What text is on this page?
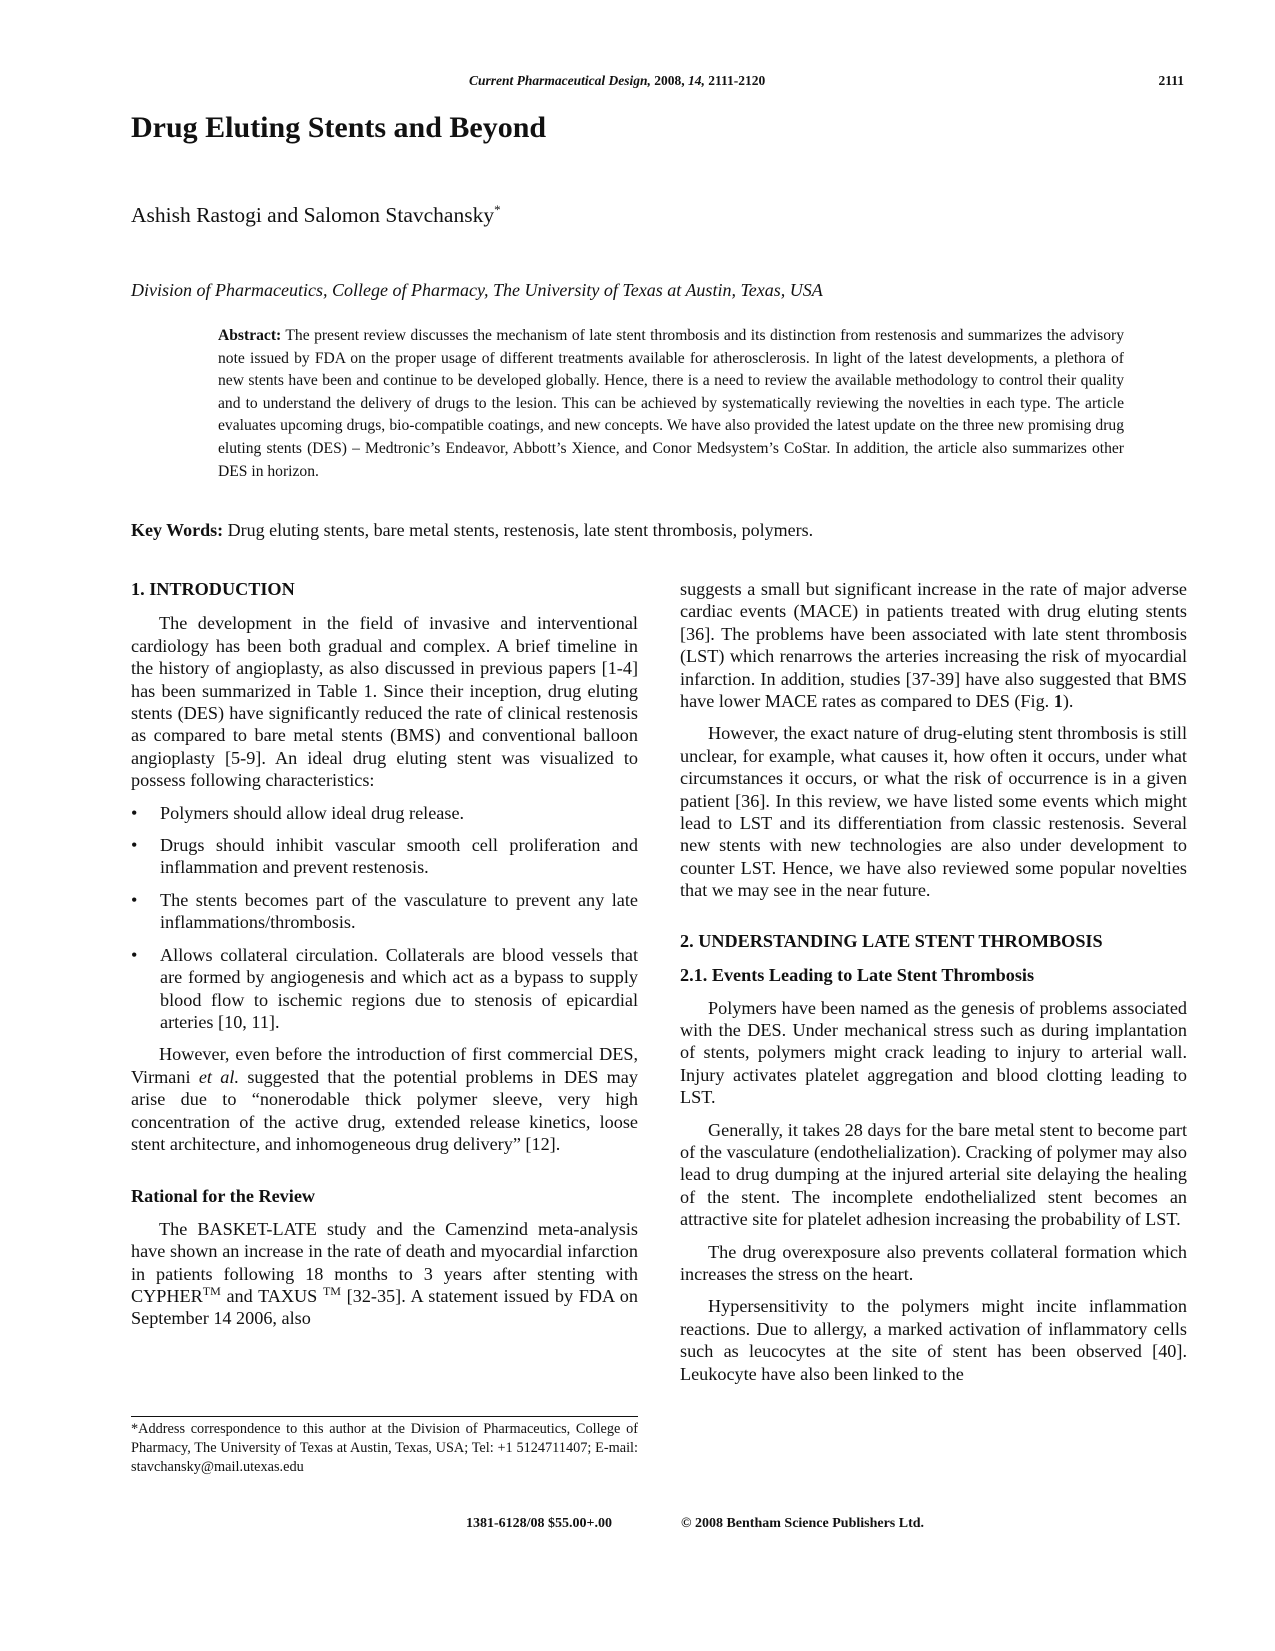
Current Pharmaceutical Design, 2008, 14, 2111-2120	2111
Drug Eluting Stents and Beyond
Ashish Rastogi and Salomon Stavchansky*
Division of Pharmaceutics, College of Pharmacy, The University of Texas at Austin, Texas, USA
Abstract: The present review discusses the mechanism of late stent thrombosis and its distinction from restenosis and summarizes the advisory note issued by FDA on the proper usage of different treatments available for atherosclerosis. In light of the latest developments, a plethora of new stents have been and continue to be developed globally. Hence, there is a need to review the available methodology to control their quality and to understand the delivery of drugs to the lesion. This can be achieved by systematically reviewing the novelties in each type. The article evaluates upcoming drugs, bio-compatible coatings, and new concepts. We have also provided the latest update on the three new promising drug eluting stents (DES) – Medtronic’s Endeavor, Abbott’s Xience, and Conor Medsystem’s CoStar. In addition, the article also summarizes other DES in horizon.
Key Words: Drug eluting stents, bare metal stents, restenosis, late stent thrombosis, polymers.
1. INTRODUCTION

The development in the field of invasive and interventional cardiology has been both gradual and complex. A brief timeline in the history of angioplasty, as also discussed in previous papers [1-4] has been summarized in Table 1. Since their inception, drug eluting stents (DES) have significantly reduced the rate of clinical restenosis as compared to bare metal stents (BMS) and conventional balloon angioplasty [5-9]. An ideal drug eluting stent was visualized to possess following characteristics:

• Polymers should allow ideal drug release.
• Drugs should inhibit vascular smooth cell proliferation and inflammation and prevent restenosis.
• The stents becomes part of the vasculature to prevent any late inflammations/thrombosis.
• Allows collateral circulation. Collaterals are blood vessels that are formed by angiogenesis and which act as a bypass to supply blood flow to ischemic regions due to stenosis of epicardial arteries [10, 11].

However, even before the introduction of first commercial DES, Virmani et al. suggested that the potential problems in DES may arise due to “nonerodable thick polymer sleeve, very high concentration of the active drug, extended release kinetics, loose stent architecture, and inhomogeneous drug delivery” [12].

Rational for the Review

The BASKET-LATE study and the Camenzind meta-analysis have shown an increase in the rate of death and myocardial infarction in patients following 18 months to 3 years after stenting with CYPHER™ and TAXUS ™ [32-35]. A statement issued by FDA on September 14 2006, also

suggests a small but significant increase in the rate of major adverse cardiac events (MACE) in patients treated with drug eluting stents [36]. The problems have been associated with late stent thrombosis (LST) which renarrows the arteries increasing the risk of myocardial infarction. In addition, studies [37-39] have also suggested that BMS have lower MACE rates as compared to DES (Fig. 1).

However, the exact nature of drug-eluting stent thrombosis is still unclear, for example, what causes it, how often it occurs, under what circumstances it occurs, or what the risk of occurrence is in a given patient [36]. In this review, we have listed some events which might lead to LST and its differentiation from classic restenosis. Several new stents with new technologies are also under development to counter LST. Hence, we have also reviewed some popular novelties that we may see in the near future.

2. UNDERSTANDING LATE STENT THROMBOSIS
2.1. Events Leading to Late Stent Thrombosis

Polymers have been named as the genesis of problems associated with the DES. Under mechanical stress such as during implantation of stents, polymers might crack leading to injury to arterial wall. Injury activates platelet aggregation and blood clotting leading to LST.

Generally, it takes 28 days for the bare metal stent to become part of the vasculature (endothelialization). Cracking of polymer may also lead to drug dumping at the injured arterial site delaying the healing of the stent. The incomplete endothelialized stent becomes an attractive site for platelet adhesion increasing the probability of LST.

The drug overexposure also prevents collateral formation which increases the stress on the heart.

Hypersensitivity to the polymers might incite inflammation reactions. Due to allergy, a marked activation of inflammatory cells such as leucocytes at the site of stent has been observed [40]. Leukocyte have also been linked to the

*Address correspondence to this author at the Division of Pharmaceutics, College of Pharmacy, The University of Texas at Austin, Texas, USA; Tel: +1 5124711407; E-mail: stavchansky@mail.utexas.edu
1381-6128/08 $55.00+.00	© 2008 Bentham Science Publishers Ltd.
